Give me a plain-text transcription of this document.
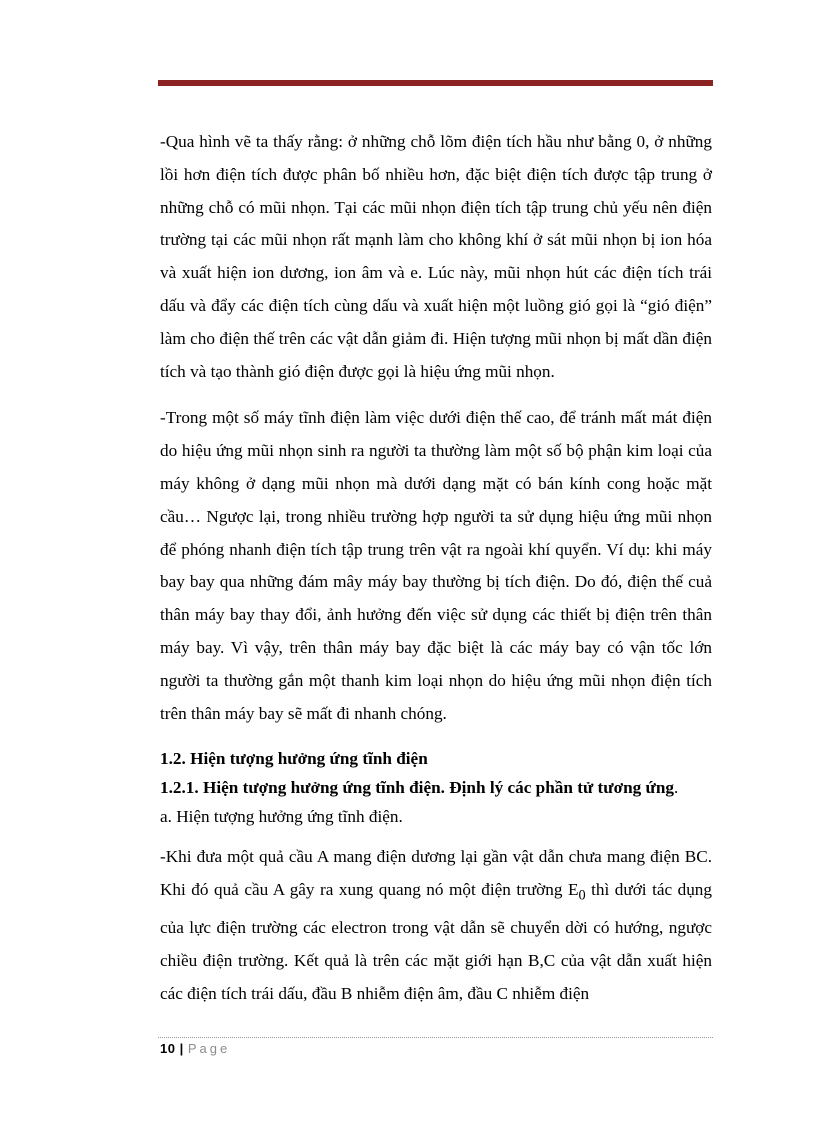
-Qua hình vẽ ta thấy rằng: ở những chỗ lõm điện tích hầu như bằng 0, ở những lồi hơn điện tích được phân bố nhiều hơn, đặc biệt điện tích được tập trung ở những chỗ có mũi nhọn. Tại các mũi nhọn điện tích tập trung chủ yếu nên điện trường tại các mũi nhọn rất mạnh làm cho không khí ở sát mũi nhọn bị ion hóa và xuất hiện ion dương, ion âm và e. Lúc này, mũi nhọn hút các điện tích trái dấu và đẩy các điện tích cùng dấu và xuất hiện một luồng gió gọi là “gió điện” làm cho điện thế trên các vật dẫn giảm đi. Hiện tượng mũi nhọn bị mất dần điện tích và tạo thành gió điện được gọi là hiệu ứng mũi nhọn.

-Trong một số máy tĩnh điện làm việc dưới điện thế cao, để tránh mất mát điện do hiệu ứng mũi nhọn sinh ra người ta thường làm một số bộ phận kim loại của máy không ở dạng mũi nhọn mà dưới dạng mặt có bán kính cong hoặc mặt cầu… Ngược lại, trong nhiều trường hợp người ta sử dụng hiệu ứng mũi nhọn để phóng nhanh điện tích tập trung trên vật ra ngoài khí quyển. Ví dụ: khi máy bay bay qua những đám mây máy bay thường bị tích điện. Do đó, điện thế cuả thân máy bay thay đổi, ảnh hưởng đến việc sử dụng các thiết bị điện trên thân máy bay. Vì vậy, trên thân máy bay đặc biệt là các máy bay có vận tốc lớn người ta thường gắn một thanh kim loại nhọn do hiệu ứng mũi nhọn điện tích trên thân máy bay sẽ mất đi nhanh chóng.

1.2. Hiện tượng hưởng ứng tĩnh điện

1.2.1. Hiện tượng hưởng ứng tĩnh điện. Định lý các phần tử tương ứng.

a. Hiện tượng hưởng ứng tĩnh điện.

-Khi đưa một quả cầu A mang điện dương lại gần vật dẫn chưa mang điện BC. Khi đó quả cầu A gây ra xung quang nó một điện trường $E_0$ thì dưới tác dụng của lực điện trường các electron trong vật dẫn sẽ chuyển dời có hướng, ngược chiều điện trường. Kết quả là trên các mặt giới hạn B,C của vật dẫn xuất hiện các điện tích trái dấu, đầu B nhiễm điện âm, đầu C nhiễm điện

10 | Page
